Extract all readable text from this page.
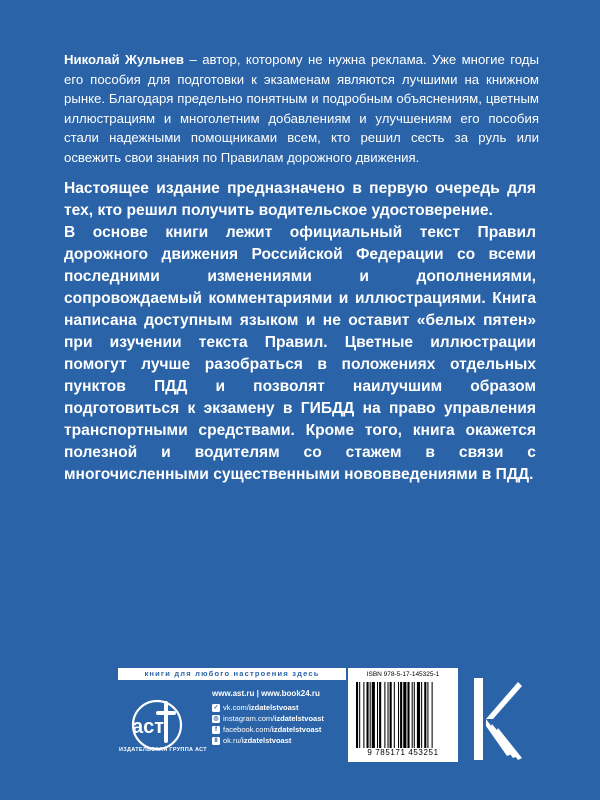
Николай Жульнев – автор, которому не нужна реклама. Уже многие годы его пособия для подготовки к экзаменам являются лучшими на книжном рынке. Благодаря предельно понятным и подробным объяснениям, цветным иллюстрациям и многолетним добавлениям и улучшениям его пособия стали надежными помощниками всем, кто решил сесть за руль или освежить свои знания по Правилам дорожного движения.

Настоящее издание предназначено в первую очередь для тех, кто решил получить водительское удостоверение.

В основе книги лежит официальный текст Правил дорожного движения Российской Федерации со всеми последними изменениями и дополнениями, сопровождаемый комментариями и иллюстрациями. Книга написана доступным языком и не оставит «белых пятен» при изучении текста Правил. Цветные иллюстрации помогут лучше разобраться в положениях отдельных пунктов ПДД и позволят наилучшим образом подготовиться к экзамену в ГИБДД на право управления транспортными средствами. Кроме того, книга окажется полезной и водителям со стажем в связи с многочисленными существенными нововведениями в ПДД.

книги для любого настроения здесь
аст
ИЗДАТЕЛЬСКАЯ ГРУППА АСТ
www.ast.ru | www.book24.ru
✓ vk.com/ izdatelstvoast
◎ instagram.com/ izdatelstvoast
f facebook.com/ izdatelstvoast
8 ok.ru/ izdatelstvoast
ISBN 978-5-17-145325-1
9 785171 453251
